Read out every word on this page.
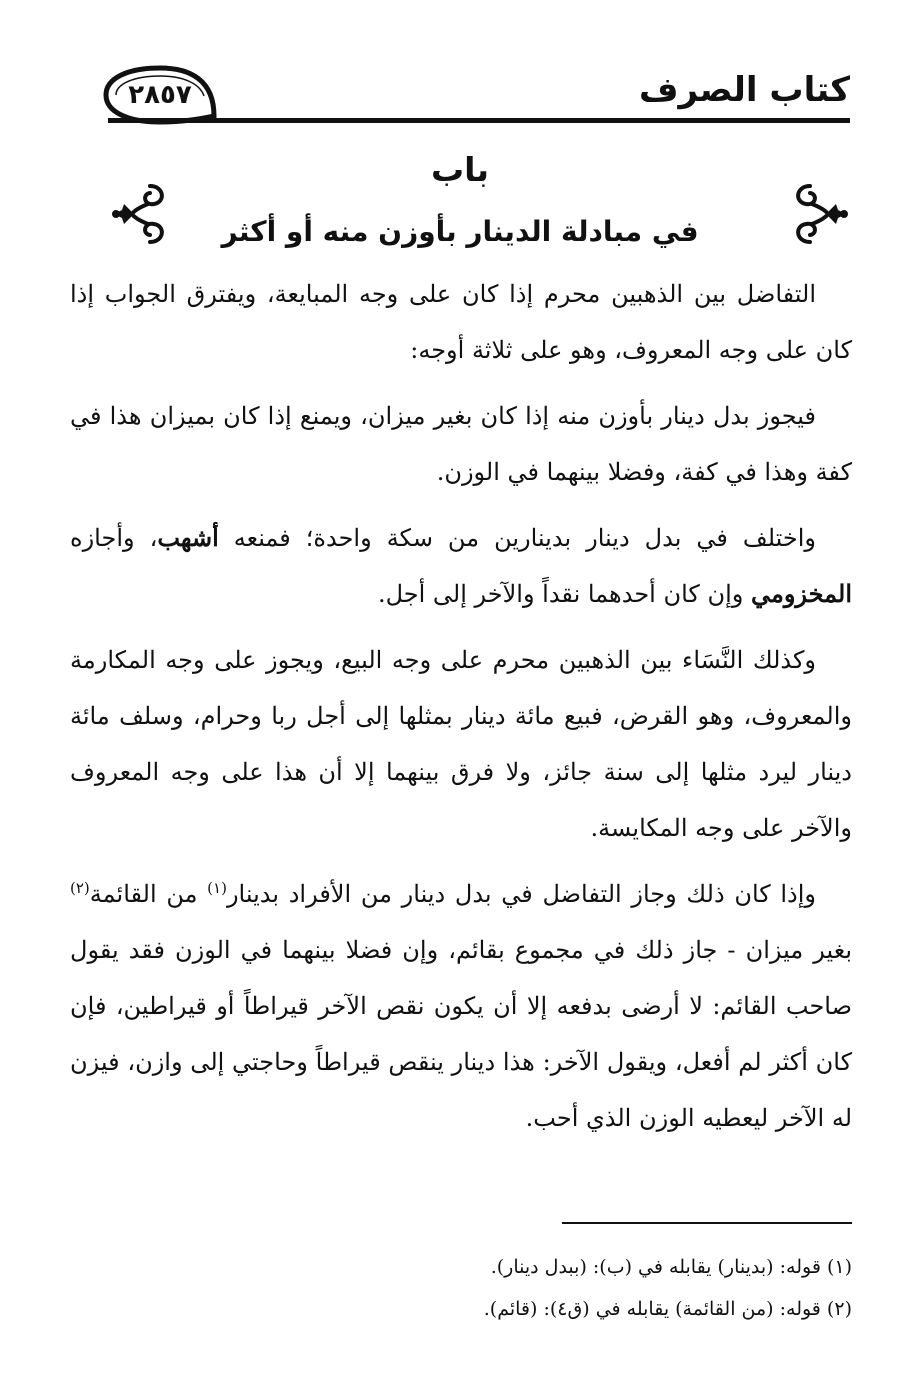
كتاب الصرف
٢٨٥٧
باب
في مبادلة الدينار بأوزن منه أو أكثر

التفاضل بين الذهبين محرم إذا كان على وجه المبايعة، ويفترق الجواب إذا كان على وجه المعروف، وهو على ثلاثة أوجه:

فيجوز بدل دينار بأوزن منه إذا كان بغير ميزان، ويمنع إذا كان بميزان هذا في كفة وهذا في كفة، وفضلا بينهما في الوزن.

واختلف في بدل دينار بدينارين من سكة واحدة؛ فمنعه أشهب، وأجازه المخزومي وإن كان أحدهما نقداً والآخر إلى أجل.

وكذلك النَّسَاء بين الذهبين محرم على وجه البيع، ويجوز على وجه المكارمة والمعروف، وهو القرض، فبيع مائة دينار بمثلها إلى أجل ربا وحرام، وسلف مائة دينار ليرد مثلها إلى سنة جائز، ولا فرق بينهما إلا أن هذا على وجه المعروف والآخر على وجه المكايسة.

وإذا كان ذلك وجاز التفاضل في بدل دينار من الأفراد بدينار$^{(١)}$ من القائمة$^{(٢)}$ بغير ميزان - جاز ذلك في مجموع بقائم، وإن فضلا بينهما في الوزن فقد يقول صاحب القائم: لا أرضى بدفعه إلا أن يكون نقص الآخر قيراطاً أو قيراطين، فإن كان أكثر لم أفعل، ويقول الآخر: هذا دينار ينقص قيراطاً وحاجتي إلى وازن، فيزن له الآخر ليعطيه الوزن الذي أحب.

(١) قوله: (بدينار) يقابله في (ب): (ببدل دينار).

(٢) قوله: (من القائمة) يقابله في (ق٤): (قائم).
